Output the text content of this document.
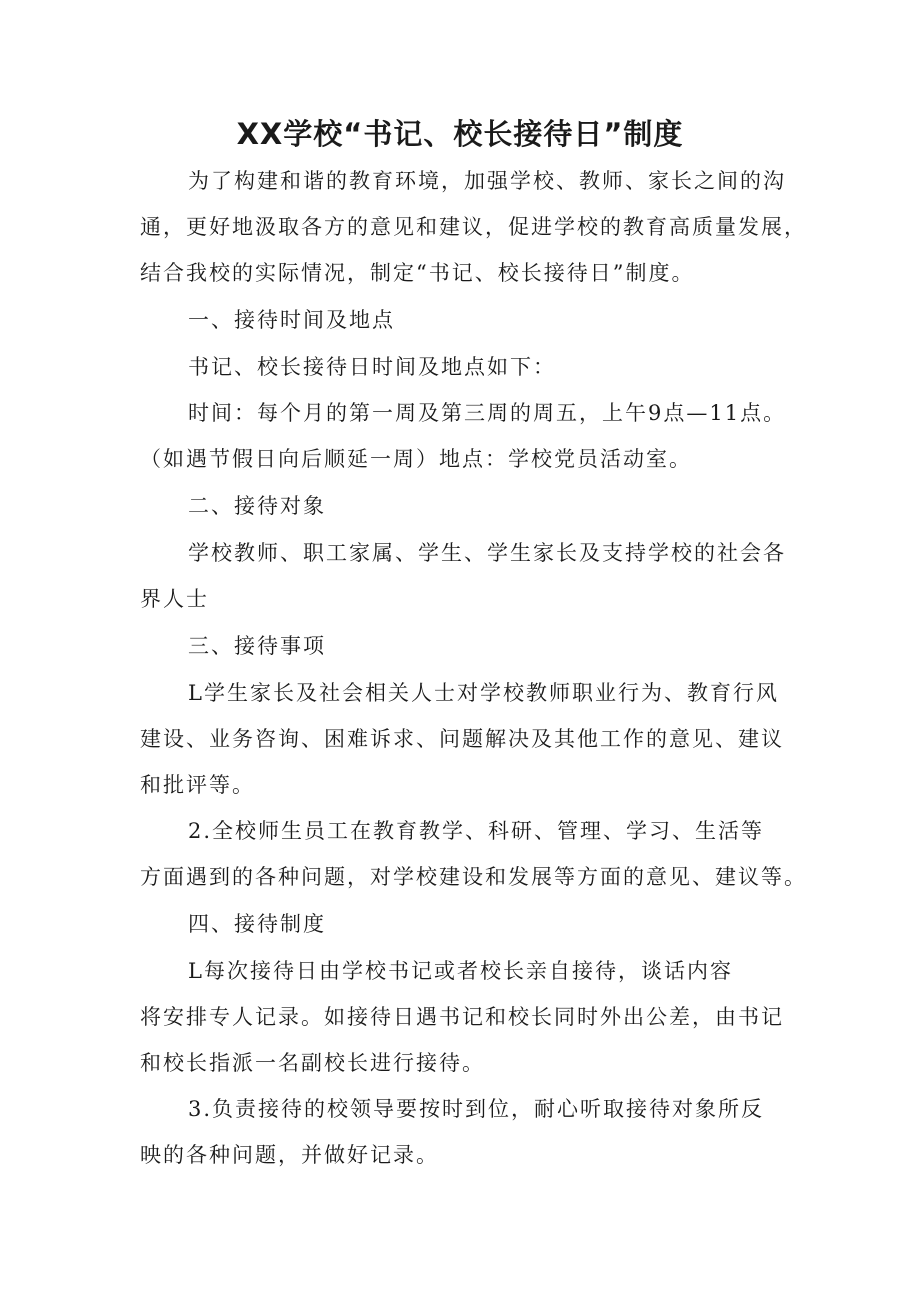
XX学校“书记、校长接待日”制度

为了构建和谐的教育环境，加强学校、教师、家长之间的沟
通，更好地汲取各方的意见和建议，促进学校的教育高质量发展，
结合我校的实际情况，制定“书记、校长接待日”制度。

一、接待时间及地点

书记、校长接待日时间及地点如下：

时间：每个月的第一周及第三周的周五，上午9点—11点。
（如遇节假日向后顺延一周）地点：学校党员活动室。

二、接待对象

学校教师、职工家属、学生、学生家长及支持学校的社会各
界人士

三、接待事项

L学生家长及社会相关人士对学校教师职业行为、教育行风
建设、业务咨询、困难诉求、问题解决及其他工作的意见、建议
和批评等。

2.全校师生员工在教育教学、科研、管理、学习、生活等
方面遇到的各种问题，对学校建设和发展等方面的意见、建议等。

四、接待制度

L每次接待日由学校书记或者校长亲自接待，谈话内容
将安排专人记录。如接待日遇书记和校长同时外出公差，由书记
和校长指派一名副校长进行接待。

3.负责接待的校领导要按时到位，耐心听取接待对象所反
映的各种问题，并做好记录。
